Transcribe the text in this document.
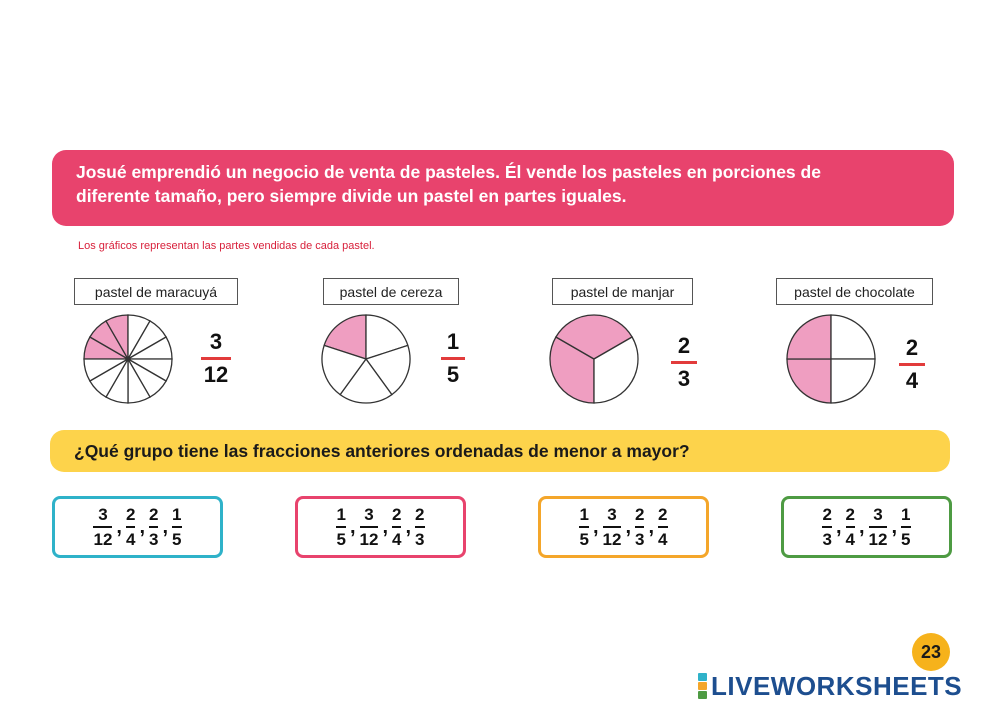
Josué emprendió un negocio de venta de pasteles. Él vende los pasteles en porciones de
diferente tamaño, pero siempre divide un pastel en partes iguales.
Los gráficos representan las partes vendidas de cada pastel.
pastel de maracuyá	pastel de cereza	pastel de manjar	pastel de chocolate
3
12
1
5
2
3
2
4
¿Qué grupo tiene las fracciones anteriores ordenadas de menor a mayor?
3
12
,
2
4
,
2
3
,
1
5
1
5
,
3
12
,
2
4
,
2
3
1
5
,
3
12
,
2
3
,
2
4
2
3
,
2
4
,
3
12
,
1
5
23
LIVEWORKSHEETS
